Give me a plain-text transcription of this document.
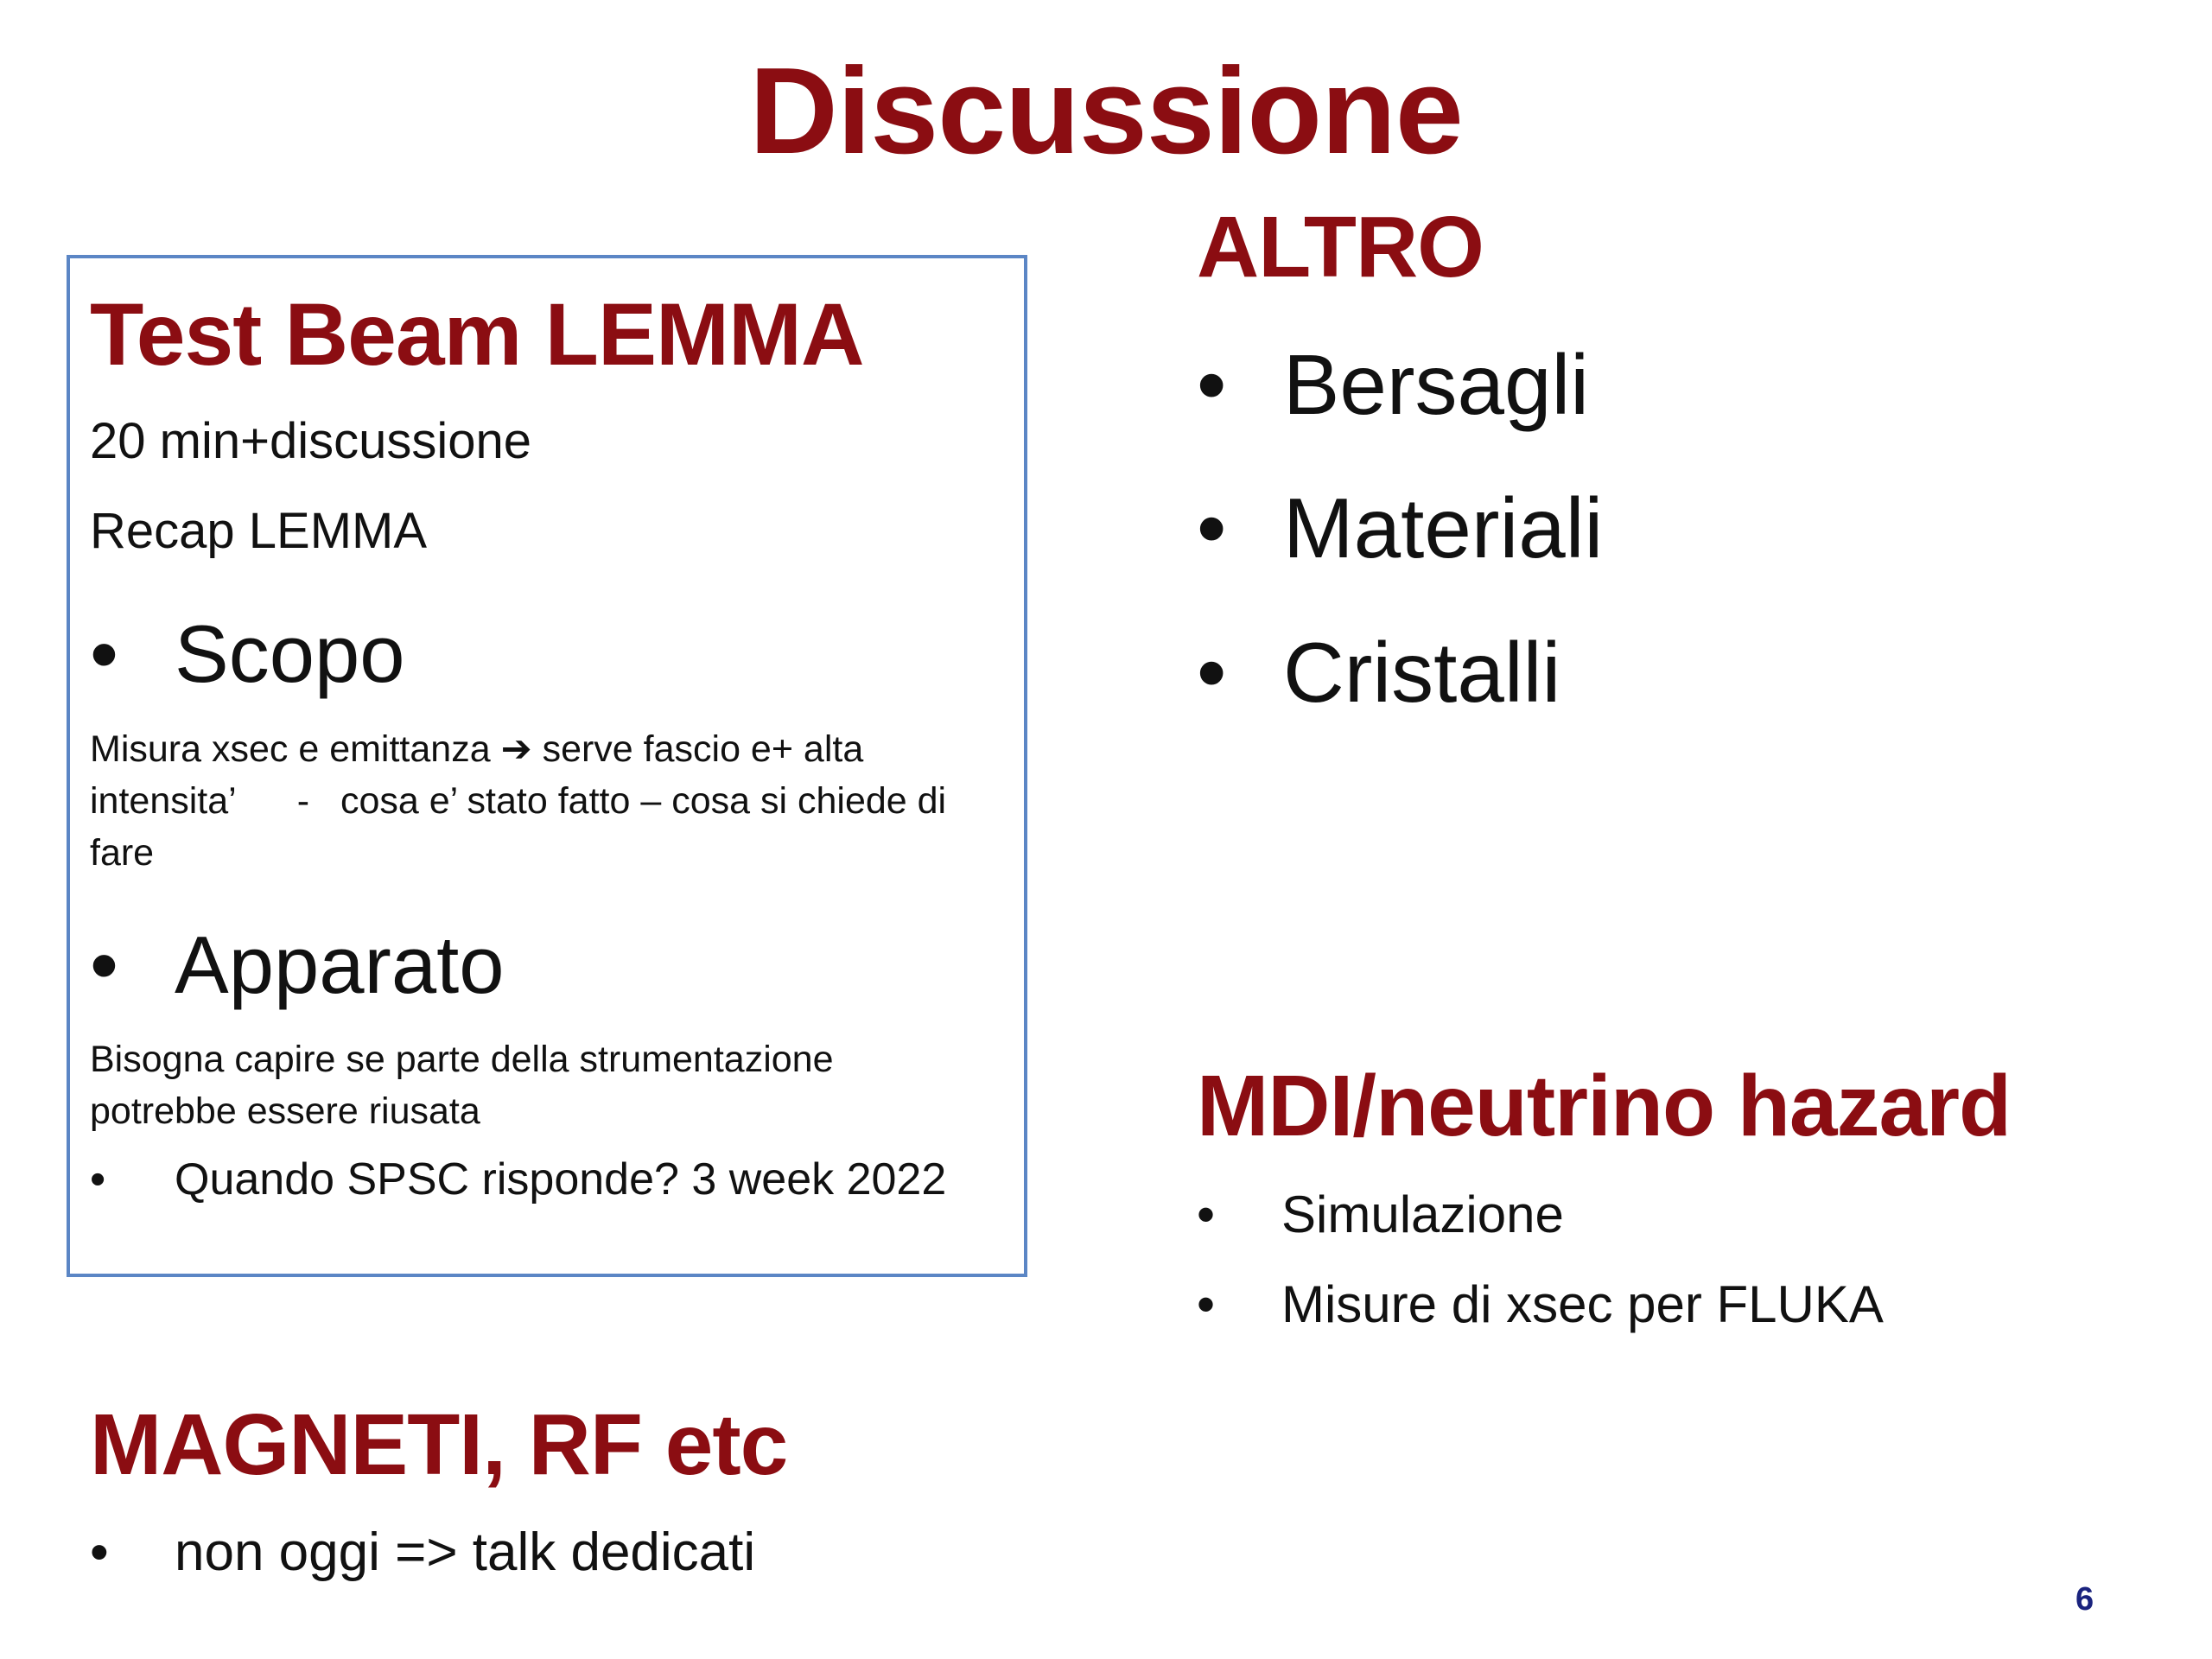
Discussione
Test Beam LEMMA
20 min+discussione
Recap LEMMA
• Scopo
Misura xsec e emittanza ➔ serve fascio e+ alta
intensita’      -   cosa e’ stato fatto – cosa si chiede di
fare
• Apparato
Bisogna capire se parte della strumentazione
potrebbe essere riusata
•	Quando SPSC risponde? 3 week 2022
ALTRO
• Bersagli
• Materiali
• Cristalli
MDI/neutrino hazard
•	Simulazione
•	Misure di xsec per FLUKA
MAGNETI, RF etc
•	non oggi => talk dedicati
6
